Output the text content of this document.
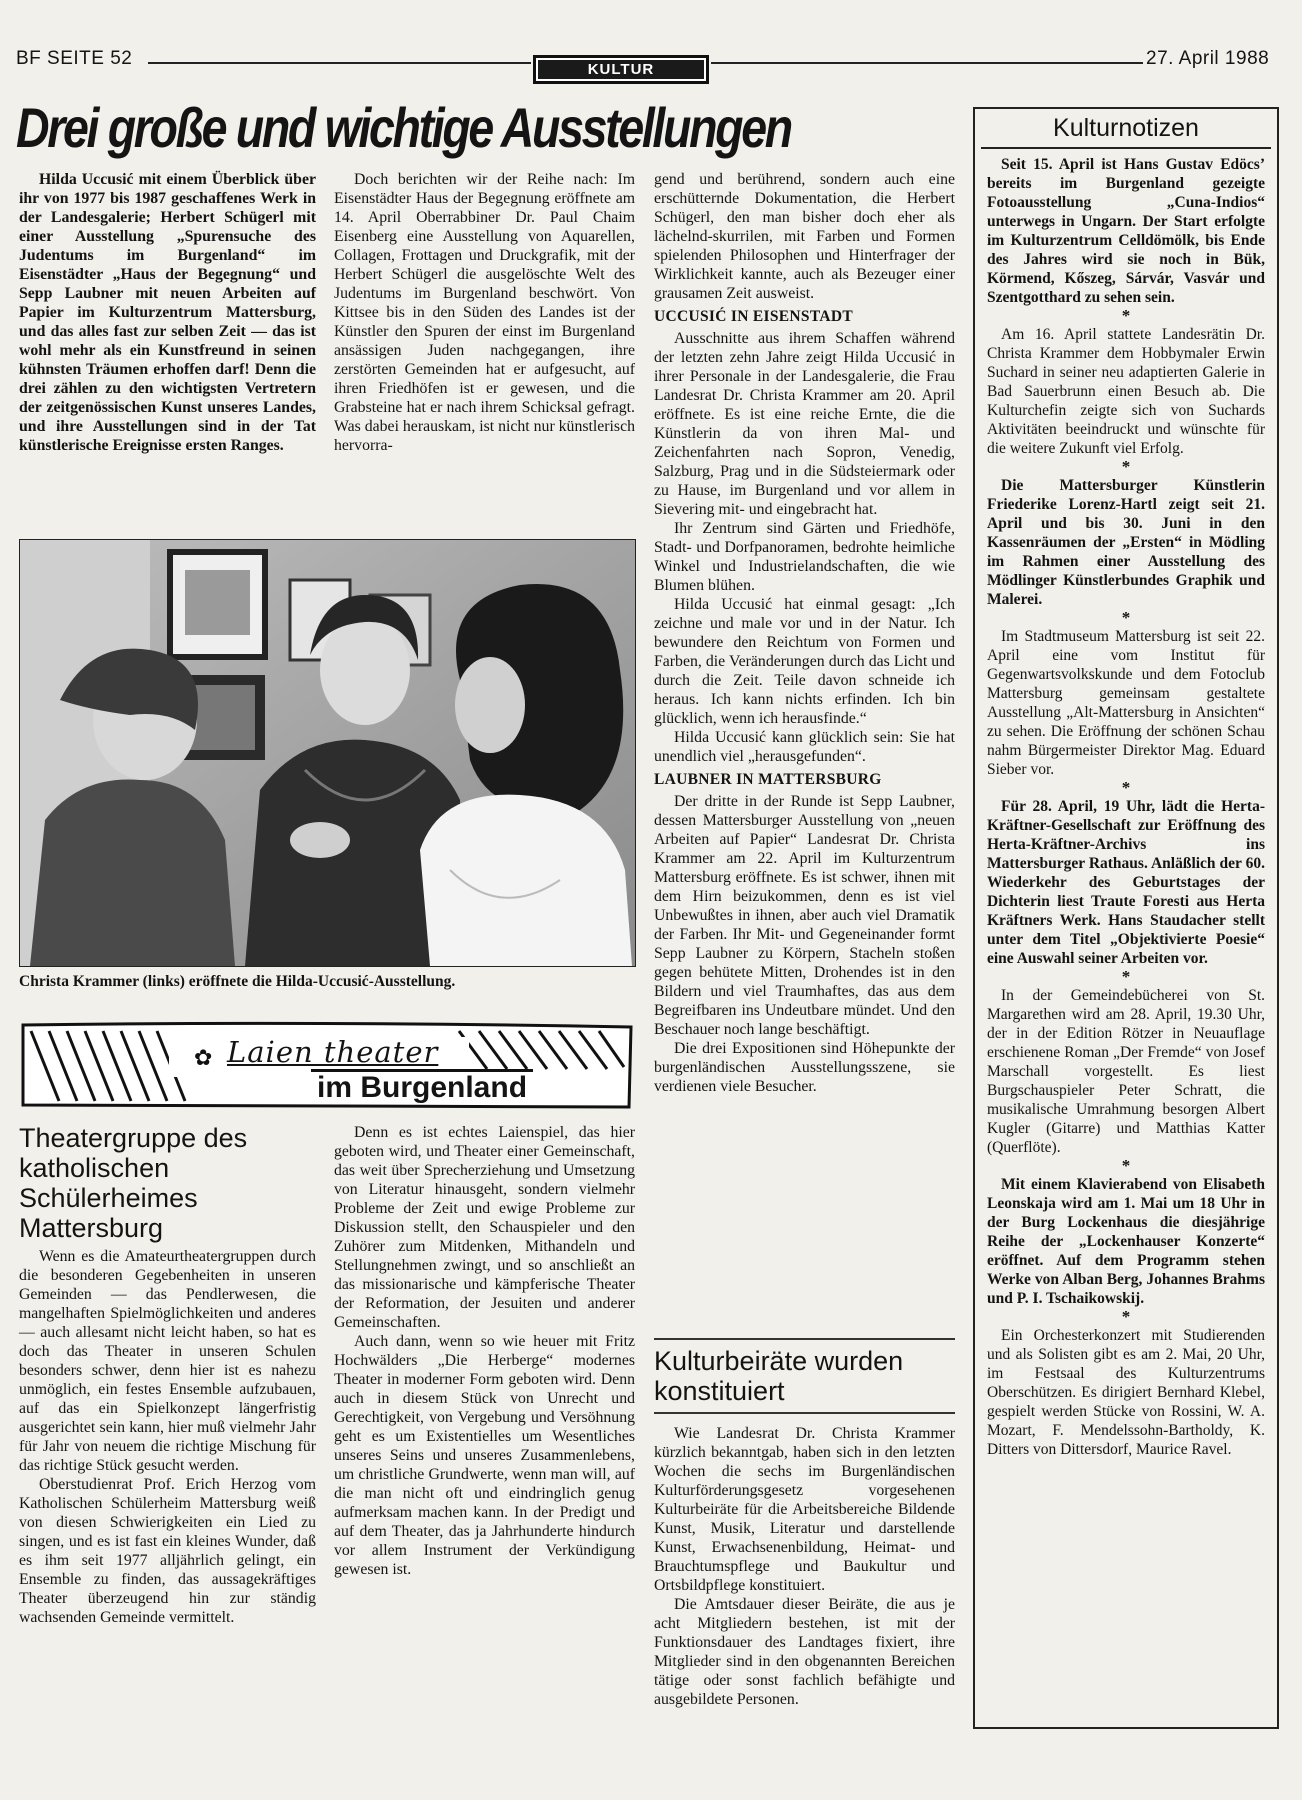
BF SEITE 52
KULTUR
27. April 1988
Drei große und wichtige Ausstellungen

Hilda Uccusić mit einem Überblick über ihr von 1977 bis 1987 geschaffenes Werk in der Landesgalerie; Herbert Schügerl mit einer Ausstellung „Spurensuche des Judentums im Burgenland“ im Eisenstädter „Haus der Begegnung“ und Sepp Laubner mit neuen Arbeiten auf Papier im Kulturzentrum Mattersburg, und das alles fast zur selben Zeit — das ist wohl mehr als ein Kunstfreund in seinen kühnsten Träumen erhoffen darf! Denn die drei zählen zu den wichtigsten Vertretern der zeitgenössischen Kunst unseres Landes, und ihre Ausstellungen sind in der Tat künstlerische Ereignisse ersten Ranges.

Doch berichten wir der Reihe nach: Im Eisenstädter Haus der Begegnung eröffnete am 14. April Oberrabbiner Dr. Paul Chaim Eisenberg eine Ausstellung von Aquarellen, Collagen, Frottagen und Druckgrafik, mit der Herbert Schügerl die ausgelöschte Welt des Judentums im Burgenland beschwört. Von Kittsee bis in den Süden des Landes ist der Künstler den Spuren der einst im Burgenland ansässigen Juden nachgegangen, ihre zerstörten Gemeinden hat er aufgesucht, auf ihren Friedhöfen ist er gewesen, und die Grabsteine hat er nach ihrem Schicksal gefragt. Was dabei herauskam, ist nicht nur künstlerisch hervorra-

gend und berührend, sondern auch eine erschütternde Dokumentation, die Herbert Schügerl, den man bisher doch eher als lächelnd-skurrilen, mit Farben und Formen spielenden Philosophen und Hinterfrager der Wirklichkeit kannte, auch als Bezeuger einer grausamen Zeit ausweist.

UCCUSIĆ IN EISENSTADT

Ausschnitte aus ihrem Schaffen während der letzten zehn Jahre zeigt Hilda Uccusić in ihrer Personale in der Landesgalerie, die Frau Landesrat Dr. Christa Krammer am 20. April eröffnete. Es ist eine reiche Ernte, die die Künstlerin da von ihren Mal- und Zeichenfahrten nach Sopron, Venedig, Salzburg, Prag und in die Südsteiermark oder zu Hause, im Burgenland und vor allem in Sievering mit- und eingebracht hat.

Ihr Zentrum sind Gärten und Friedhöfe, Stadt- und Dorfpanoramen, bedrohte heimliche Winkel und Industrielandschaften, die wie Blumen blühen.

Hilda Uccusić hat einmal gesagt: „Ich zeichne und male vor und in der Natur. Ich bewundere den Reichtum von Formen und Farben, die Veränderungen durch das Licht und durch die Zeit. Teile davon schneide ich heraus. Ich kann nichts erfinden. Ich bin glücklich, wenn ich herausfinde.“

Hilda Uccusić kann glücklich sein: Sie hat unendlich viel „herausgefunden“.

LAUBNER IN MATTERSBURG

Der dritte in der Runde ist Sepp Laubner, dessen Mattersburger Ausstellung von „neuen Arbeiten auf Papier“ Landesrat Dr. Christa Krammer am 22. April im Kulturzentrum Mattersburg eröffnete. Es ist schwer, ihnen mit dem Hirn beizukommen, denn es ist viel Unbewußtes in ihnen, aber auch viel Dramatik der Farben. Ihr Mit- und Gegeneinander formt Sepp Laubner zu Körpern, Stacheln stoßen gegen behütete Mitten, Drohendes ist in den Bildern und viel Traumhaftes, das aus dem Begreifbaren ins Undeutbare mündet. Und den Beschauer noch lange beschäftigt.

Die drei Expositionen sind Höhepunkte der burgenländischen Ausstellungsszene, sie verdienen viele Besucher.

Christa Krammer (links) eröffnete die Hilda-Uccusić-Ausstellung.
✿ Laien theater
im Burgenland
Theatergruppe des katholischen Schülerheimes Mattersburg

Wenn es die Amateurtheatergruppen durch die besonderen Gegebenheiten in unseren Gemeinden — das Pendlerwesen, die mangelhaften Spielmöglichkeiten und anderes — auch allesamt nicht leicht haben, so hat es doch das Theater in unseren Schulen besonders schwer, denn hier ist es nahezu unmöglich, ein festes Ensemble aufzubauen, auf das ein Spielkonzept längerfristig ausgerichtet sein kann, hier muß vielmehr Jahr für Jahr von neuem die richtige Mischung für das richtige Stück gesucht werden.

Oberstudienrat Prof. Erich Herzog vom Katholischen Schülerheim Mattersburg weiß von diesen Schwierigkeiten ein Lied zu singen, und es ist fast ein kleines Wunder, daß es ihm seit 1977 alljährlich gelingt, ein Ensemble zu finden, das aussagekräftiges Theater überzeugend hin zur ständig wachsenden Gemeinde vermittelt.

Denn es ist echtes Laienspiel, das hier geboten wird, und Theater einer Gemeinschaft, das weit über Sprecherziehung und Umsetzung von Literatur hinausgeht, sondern vielmehr Probleme der Zeit und ewige Probleme zur Diskussion stellt, den Schauspieler und den Zuhörer zum Mitdenken, Mithandeln und Stellungnehmen zwingt, und so anschließt an das missionarische und kämpferische Theater der Reformation, der Jesuiten und anderer Gemeinschaften.

Auch dann, wenn so wie heuer mit Fritz Hochwälders „Die Herberge“ modernes Theater in moderner Form geboten wird. Denn auch in diesem Stück von Unrecht und Gerechtigkeit, von Vergebung und Versöhnung geht es um Existentielles um Wesentliches unseres Seins und unseres Zusammenlebens, um christliche Grundwerte, wenn man will, auf die man nicht oft und eindringlich genug aufmerksam machen kann. In der Predigt und auf dem Theater, das ja Jahrhunderte hindurch vor allem Instrument der Verkündigung gewesen ist.

Kulturbeiräte wurden konstituiert

Wie Landesrat Dr. Christa Krammer kürzlich bekanntgab, haben sich in den letzten Wochen die sechs im Burgenländischen Kulturförderungsgesetz vorgesehenen Kulturbeiräte für die Arbeitsbereiche Bildende Kunst, Musik, Literatur und darstellende Kunst, Erwachsenenbildung, Heimat- und Brauchtumspflege und Baukultur und Ortsbildpflege konstituiert.

Die Amtsdauer dieser Beiräte, die aus je acht Mitgliedern bestehen, ist mit der Funktionsdauer des Landtages fixiert, ihre Mitglieder sind in den obgenannten Bereichen tätige oder sonst fachlich befähigte und ausgebildete Personen.

Kulturnotizen

Seit 15. April ist Hans Gustav Edöcs’ bereits im Burgenland gezeigte Fotoausstellung „Cuna-Indios“ unterwegs in Ungarn. Der Start erfolgte im Kulturzentrum Celldömölk, bis Ende des Jahres wird sie noch in Bük, Körmend, Kőszeg, Sárvár, Vasvár und Szentgotthard zu sehen sein.

*

Am 16. April stattete Landesrätin Dr. Christa Krammer dem Hobbymaler Erwin Suchard in seiner neu adaptierten Galerie in Bad Sauerbrunn einen Besuch ab. Die Kulturchefin zeigte sich von Suchards Aktivitäten beeindruckt und wünschte für die weitere Zukunft viel Erfolg.

*

Die Mattersburger Künstlerin Friederike Lorenz-Hartl zeigt seit 21. April und bis 30. Juni in den Kassenräumen der „Ersten“ in Mödling im Rahmen einer Ausstellung des Mödlinger Künstlerbundes Graphik und Malerei.

*

Im Stadtmuseum Mattersburg ist seit 22. April eine vom Institut für Gegenwartsvolkskunde und dem Fotoclub Mattersburg gemeinsam gestaltete Ausstellung „Alt-Mattersburg in Ansichten“ zu sehen. Die Eröffnung der schönen Schau nahm Bürgermeister Direktor Mag. Eduard Sieber vor.

*

Für 28. April, 19 Uhr, lädt die Herta-Kräftner-Gesellschaft zur Eröffnung des Herta-Kräftner-Archivs ins Mattersburger Rathaus. Anläßlich der 60. Wiederkehr des Geburtstages der Dichterin liest Traute Foresti aus Herta Kräftners Werk. Hans Staudacher stellt unter dem Titel „Objektivierte Poesie“ eine Auswahl seiner Arbeiten vor.

*

In der Gemeindebücherei von St. Margarethen wird am 28. April, 19.30 Uhr, der in der Edition Rötzer in Neuauflage erschienene Roman „Der Fremde“ von Josef Marschall vorgestellt. Es liest Burgschauspieler Peter Schratt, die musikalische Umrahmung besorgen Albert Kugler (Gitarre) und Matthias Katter (Querflöte).

*

Mit einem Klavierabend von Elisabeth Leonskaja wird am 1. Mai um 18 Uhr in der Burg Lockenhaus die diesjährige Reihe der „Lockenhauser Konzerte“ eröffnet. Auf dem Programm stehen Werke von Alban Berg, Johannes Brahms und P. I. Tschaikowskij.

*

Ein Orchesterkonzert mit Studierenden und als Solisten gibt es am 2. Mai, 20 Uhr, im Festsaal des Kulturzentrums Oberschützen. Es dirigiert Bernhard Klebel, gespielt werden Stücke von Rossini, W. A. Mozart, F. Mendelssohn-Bartholdy, K. Ditters von Dittersdorf, Maurice Ravel.
